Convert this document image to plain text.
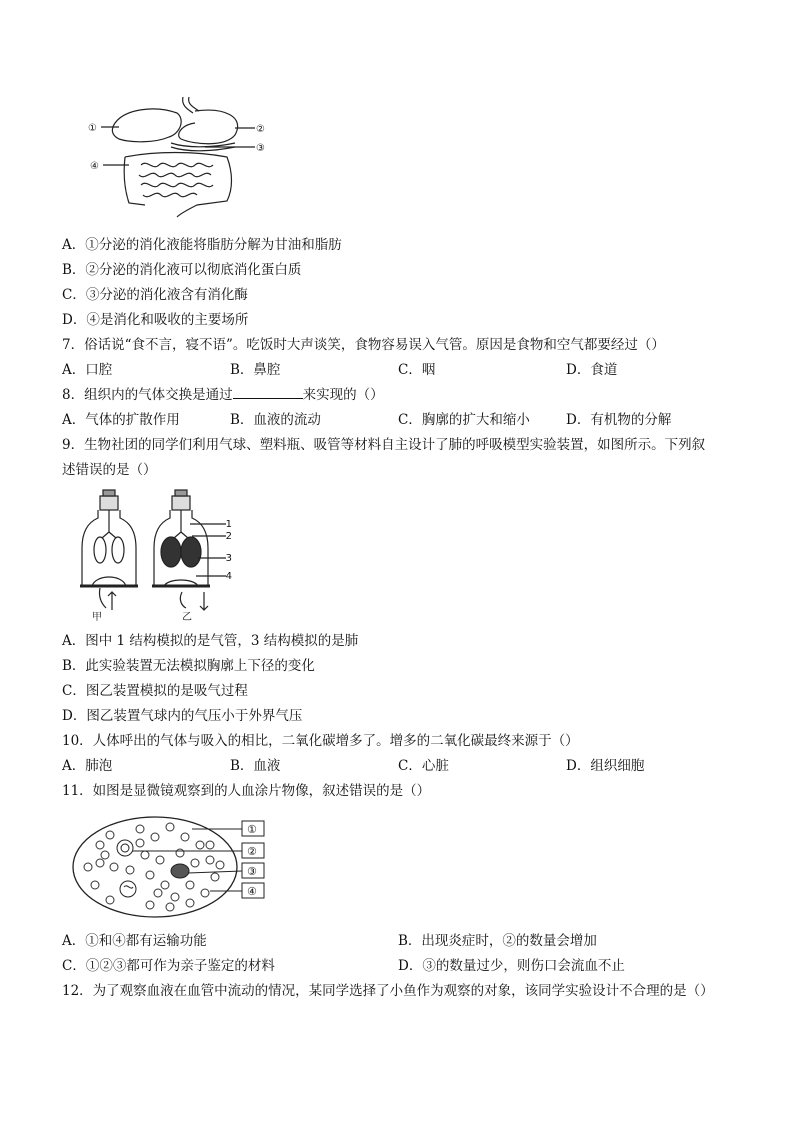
①	②
③
④
A．①分泌的消化液能将脂肪分解为甘油和脂肪
B．②分泌的消化液可以彻底消化蛋白质
C．③分泌的消化液含有消化酶
D．④是消化和吸收的主要场所
7．俗话说“食不言，寝不语”。吃饭时大声谈笑，食物容易误入气管。原因是食物和空气都要经过（）
A．口腔	B．鼻腔	C．咽	D．食道
8．组织内的气体交换是通过	来实现的（）
A．气体的扩散作用	B．血液的流动	C．胸廓的扩大和缩小	D．有机物的分解
9．生物社团的同学们利用气球、塑料瓶、吸管等材料自主设计了肺的呼吸模型实验装置，如图所示。下列叙
述错误的是（）
1
2
3
4
甲	乙
A．图中 1 结构模拟的是气管，3 结构模拟的是肺
B．此实验装置无法模拟胸廓上下径的变化
C．图乙装置模拟的是吸气过程
D．图乙装置气球内的气压小于外界气压
10．人体呼出的气体与吸入的相比，二氧化碳增多了。增多的二氧化碳最终来源于（）
A．肺泡	B．血液	C．心脏	D．组织细胞
11．如图是显微镜观察到的人血涂片物像，叙述错误的是（）
①
②
③
④
A．①和④都有运输功能	B．出现炎症时，②的数量会增加
C．①②③都可作为亲子鉴定的材料	D．③的数量过少，则伤口会流血不止
12．为了观察血液在血管中流动的情况，某同学选择了小鱼作为观察的对象，该同学实验设计不合理的是（）
